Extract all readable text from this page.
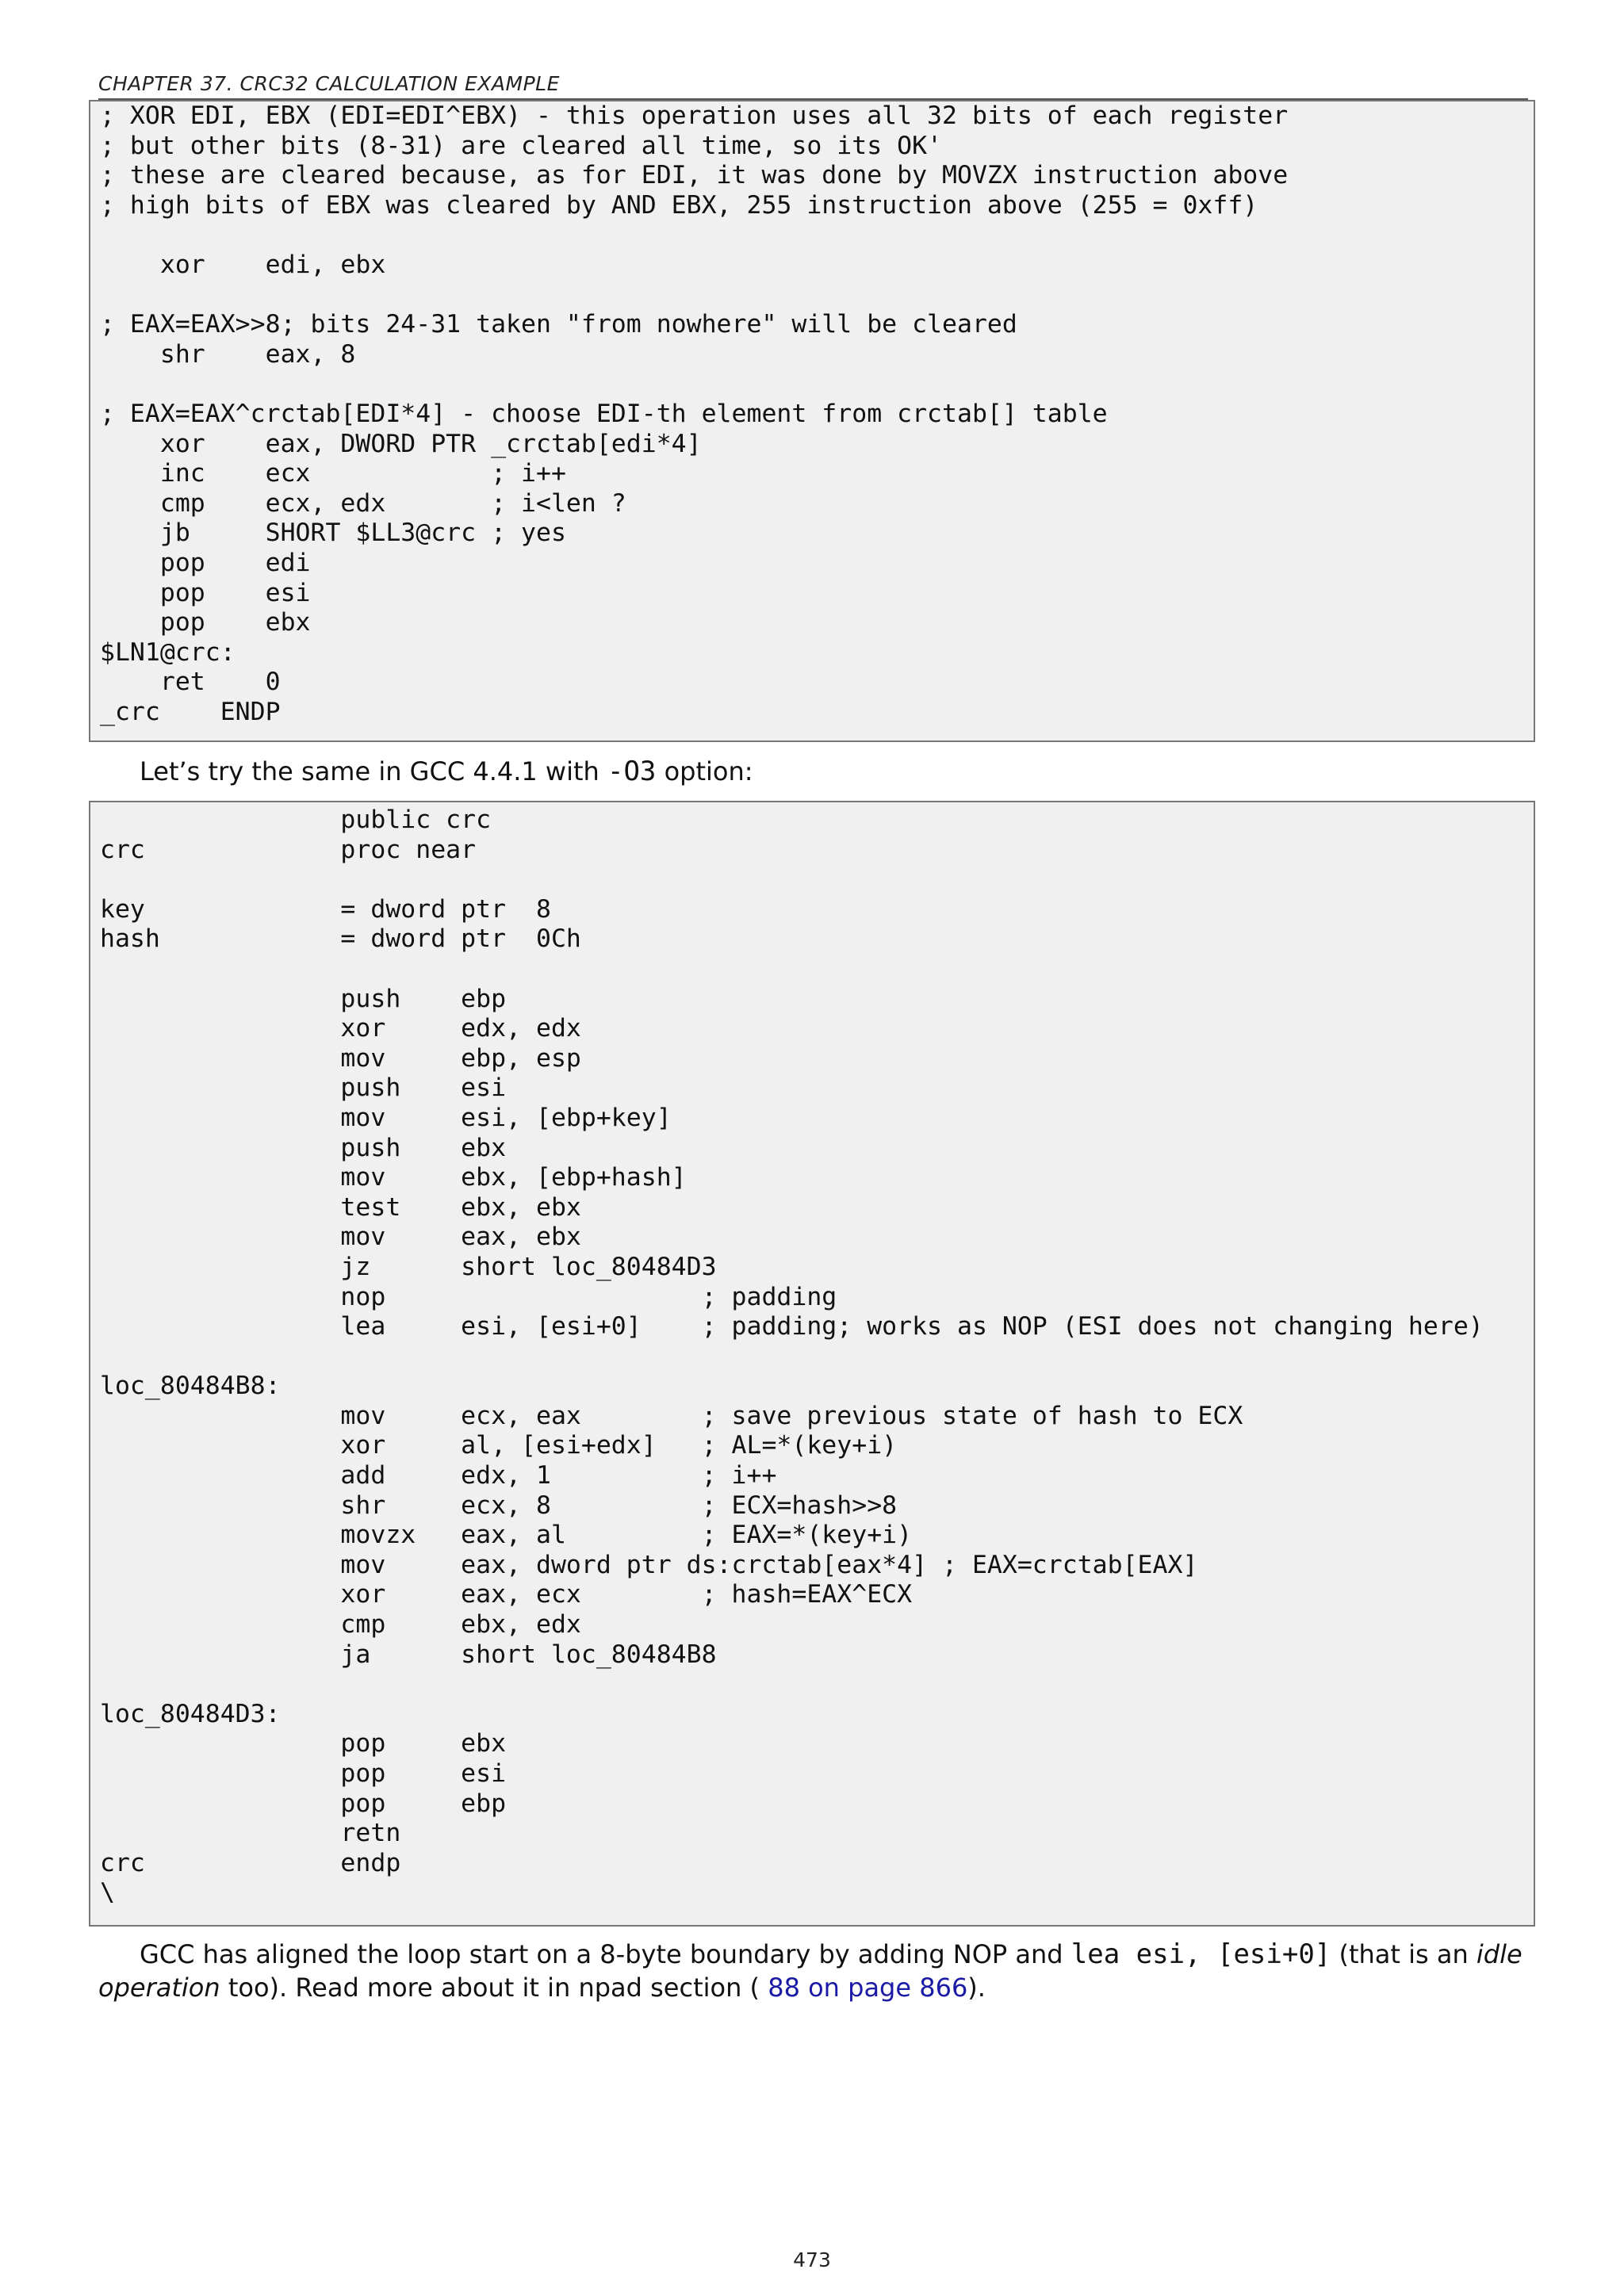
CHAPTER 37. CRC32 CALCULATION EXAMPLE
; XOR EDI, EBX (EDI=EDI^EBX) - this operation uses all 32 bits of each register
; but other bits (8-31) are cleared all time, so its OK'
; these are cleared because, as for EDI, it was done by MOVZX instruction above
; high bits of EBX was cleared by AND EBX, 255 instruction above (255 = 0xff)

xor    edi, ebx

; EAX=EAX>>8; bits 24-31 taken "from nowhere" will be cleared
shr    eax, 8

; EAX=EAX^crctab[EDI*4] - choose EDI-th element from crctab[] table
xor    eax, DWORD PTR _crctab[edi*4]
inc    ecx            ; i++
cmp    ecx, edx       ; i<len ?
jb     SHORT $LL3@crc ; yes
pop    edi
pop    esi
pop    ebx
$LN1@crc:
ret    0
_crc    ENDP

Let’s try the same in GCC 4.4.1 with -O3 option:

public crc
crc             proc near

key             = dword ptr  8
hash            = dword ptr  0Ch

push    ebp
xor     edx, edx
mov     ebp, esp
push    esi
mov     esi, [ebp+key]
push    ebx
mov     ebx, [ebp+hash]
test    ebx, ebx
mov     eax, ebx
jz      short loc_80484D3
nop                     ; padding
lea     esi, [esi+0]    ; padding; works as NOP (ESI does not changing here)

loc_80484B8:
mov     ecx, eax        ; save previous state of hash to ECX
xor     al, [esi+edx]   ; AL=*(key+i)
add     edx, 1          ; i++
shr     ecx, 8          ; ECX=hash>>8
movzx   eax, al         ; EAX=*(key+i)
mov     eax, dword ptr ds:crctab[eax*4] ; EAX=crctab[EAX]
xor     eax, ecx        ; hash=EAX^ECX
cmp     ebx, edx
ja      short loc_80484B8

loc_80484D3:
pop     ebx
pop     esi
pop     ebp
retn
crc             endp
\

GCC has aligned the loop start on a 8-byte boundary by adding NOP and lea esi, [esi+0] (that is an idle operation too). Read more about it in npad section ( 88 on page 866).

473
